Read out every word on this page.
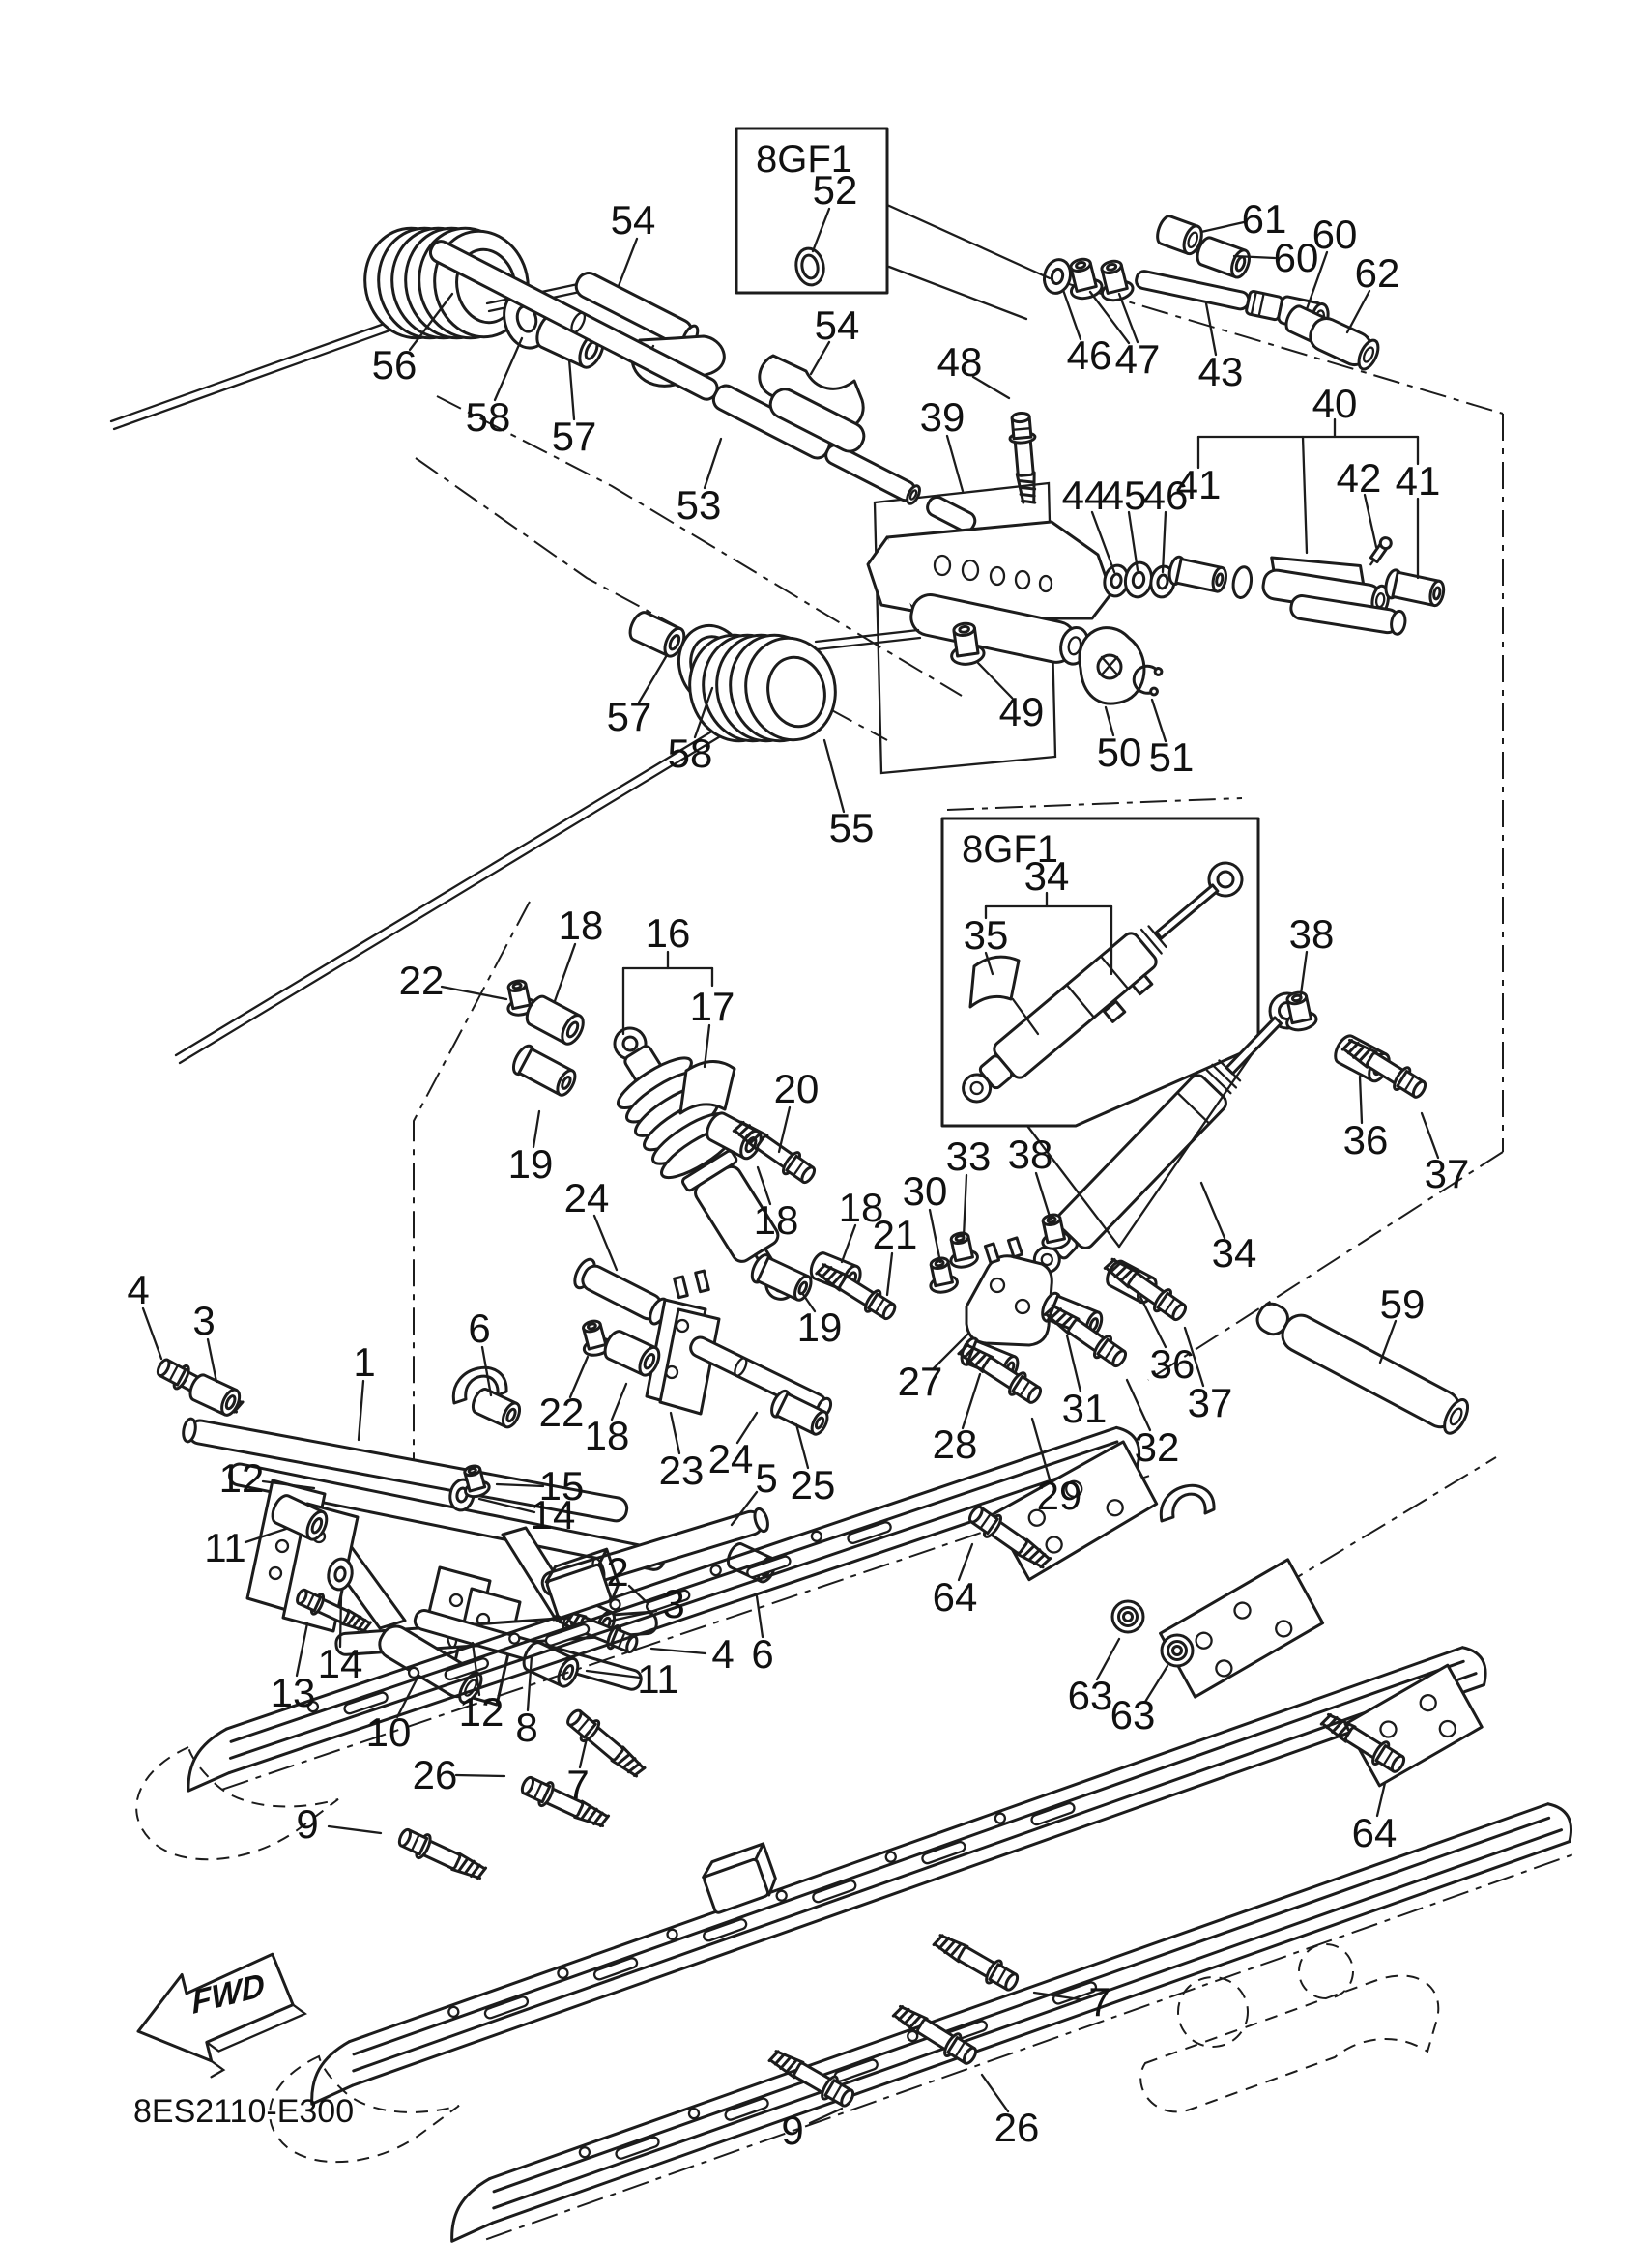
8GF1
8GF1
FWD
8ES2110-E300
56
58 57
54
53
54
52
48
39
49
50 51
55
57
58
61
60
60
62
43
46 47
44
45
46
41	42 41
40
34
35	38
36
37
34
59
33 38
30
18
21
19
27
28
29
31
32
36
37
16
17
22
18
19
20
18
24
18
22
23 24
25
5
2
3
4 6
11
1
3
4
6
12
11
15
14
14
13
10 12 8
26	7
9
64
63
63
64
7
26
9
